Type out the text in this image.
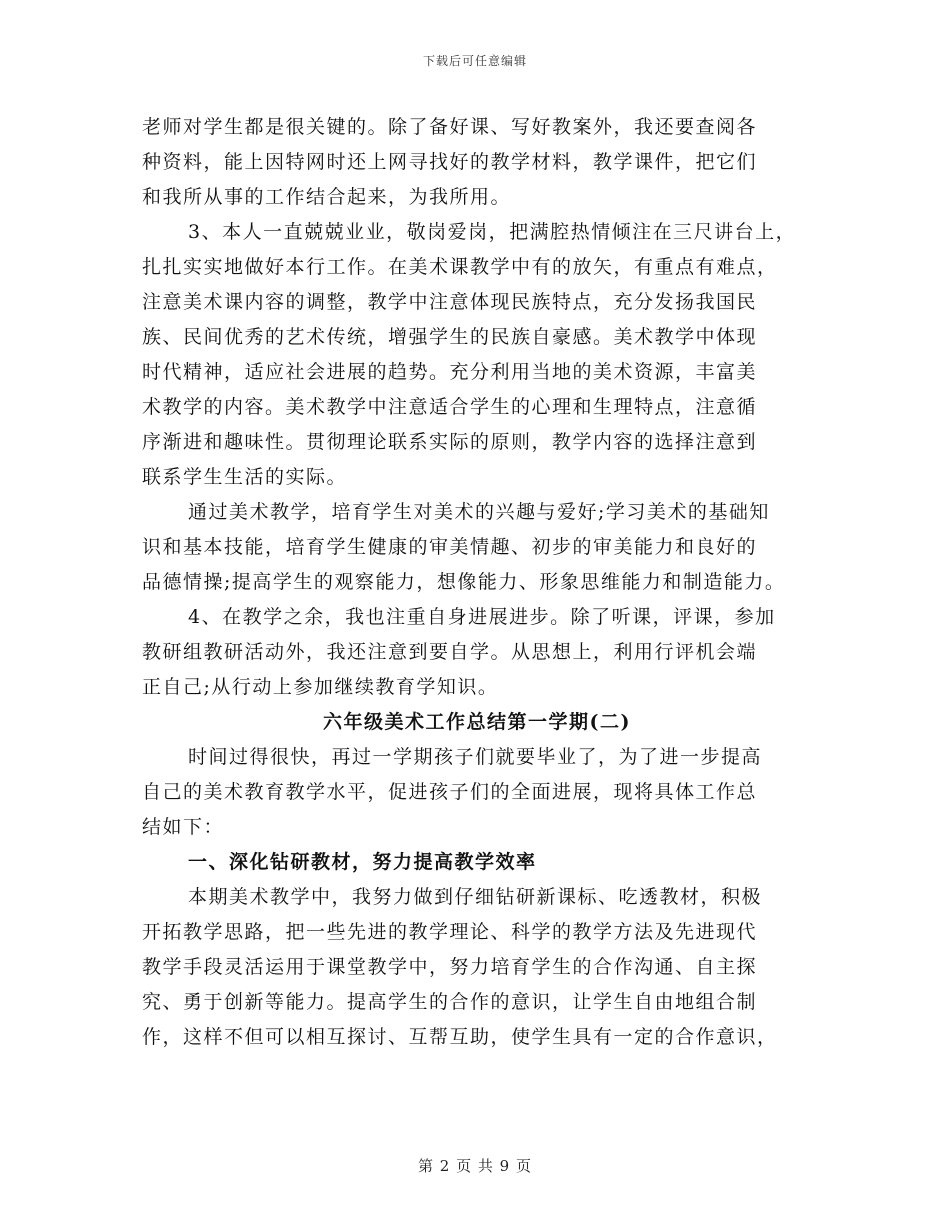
下载后可任意编辑
老师对学生都是很关键的。除了备好课、写好教案外，我还要查阅各
种资料，能上因特网时还上网寻找好的教学材料，教学课件，把它们
和我所从事的工作结合起来，为我所用。
3、本人一直兢兢业业，敬岗爱岗，把满腔热情倾注在三尺讲台上，
扎扎实实地做好本行工作。在美术课教学中有的放矢，有重点有难点，
注意美术课内容的调整，教学中注意体现民族特点，充分发扬我国民
族、民间优秀的艺术传统，增强学生的民族自豪感。美术教学中体现
时代精神，适应社会进展的趋势。充分利用当地的美术资源，丰富美
术教学的内容。美术教学中注意适合学生的心理和生理特点，注意循
序渐进和趣味性。贯彻理论联系实际的原则，教学内容的选择注意到
联系学生生活的实际。
通过美术教学，培育学生对美术的兴趣与爱好;学习美术的基础知
识和基本技能，培育学生健康的审美情趣、初步的审美能力和良好的
品德情操;提高学生的观察能力，想像能力、形象思维能力和制造能力。
4、在教学之余，我也注重自身进展进步。除了听课，评课，参加
教研组教研活动外，我还注意到要自学。从思想上，利用行评机会端
正自己;从行动上参加继续教育学知识。
六年级美术工作总结第一学期(二)
时间过得很快，再过一学期孩子们就要毕业了，为了进一步提高
自己的美术教育教学水平，促进孩子们的全面进展，现将具体工作总
结如下：
一、深化钻研教材，努力提高教学效率
本期美术教学中，我努力做到仔细钻研新课标、吃透教材，积极
开拓教学思路，把一些先进的教学理论、科学的教学方法及先进现代
教学手段灵活运用于课堂教学中，努力培育学生的合作沟通、自主探
究、勇于创新等能力。提高学生的合作的意识，让学生自由地组合制
作，这样不但可以相互探讨、互帮互助，使学生具有一定的合作意识，
第 2 页 共 9 页
